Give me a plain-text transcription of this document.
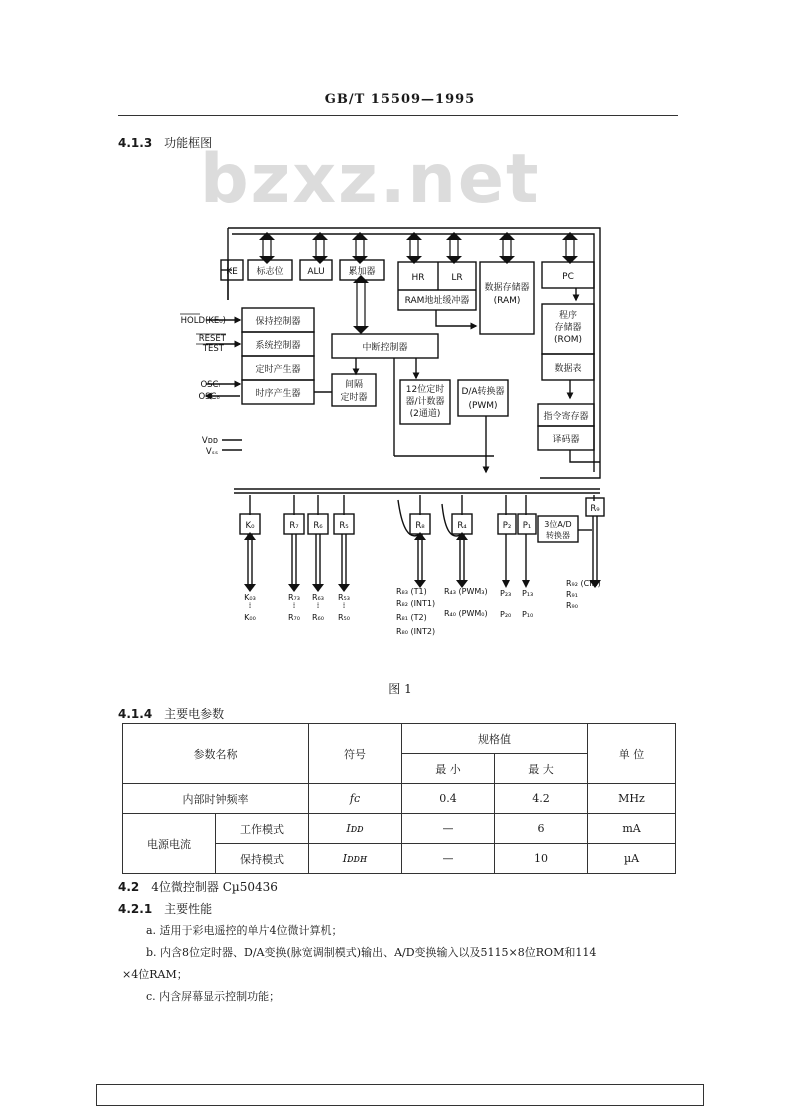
GB/T 15509—1995
4.1.3 功能框图
bzxz.net
KE 标志位	ALU	累加器
HR	LR
RAM地址缓冲器
数据存储器
(RAM)
PC
程序
存储器
(ROM)
数据表
指令寄存器
译码器
保持控制器
系统控制器
定时产生器
时序产生器
中断控制器
间隔
定时器
12位定时
器/计数器
(2通道)
D/A转换器
(PWM)
3位A/D
转换器
HOLD(KE₀)
RESET
TEST
OSCᵢ
OSCₒ
Vᴅᴅ
Vₛₛ
K₀	R₇ R₆ R₅	R₈	R₄	P₂ P₁
R₉
K₀₃
⁞
K₀₀
R₇₃
⁞
R₇₀
R₆₃
⁞
R₆₀
R₅₃
⁞
R₅₀
R₈₃ (T1)
R₈₂ (INT1)
R₈₁ (T2)
R₈₀ (INT2)
R₄₃ (PWM₃)
R₄₀ (PWM₀)
P₂₃
P₂₀
P₁₃
P₁₀
R₉₂ (CIN)
R₉₁
R₉₀
图 1
4.1.4 主要电参数
参数名称		符号	规格值		单 位
			最 小	最 大	
内部时钟频率		fᴄ	0.4	4.2	MHz
电源电流	工作模式	Iᴅᴅ	—	6	mA
	保持模式	Iᴅᴅʜ	—	10	µA
4.2 4位微控制器 Cµ50436
4.2.1 主要性能
a. 适用于彩电遥控的单片4位微计算机；
b. 内含8位定时器、D/A变换(脉宽调制模式)输出、A/D变换输入以及5115×8位ROM和114
×4位RAM；
c. 内含屏幕显示控制功能；
